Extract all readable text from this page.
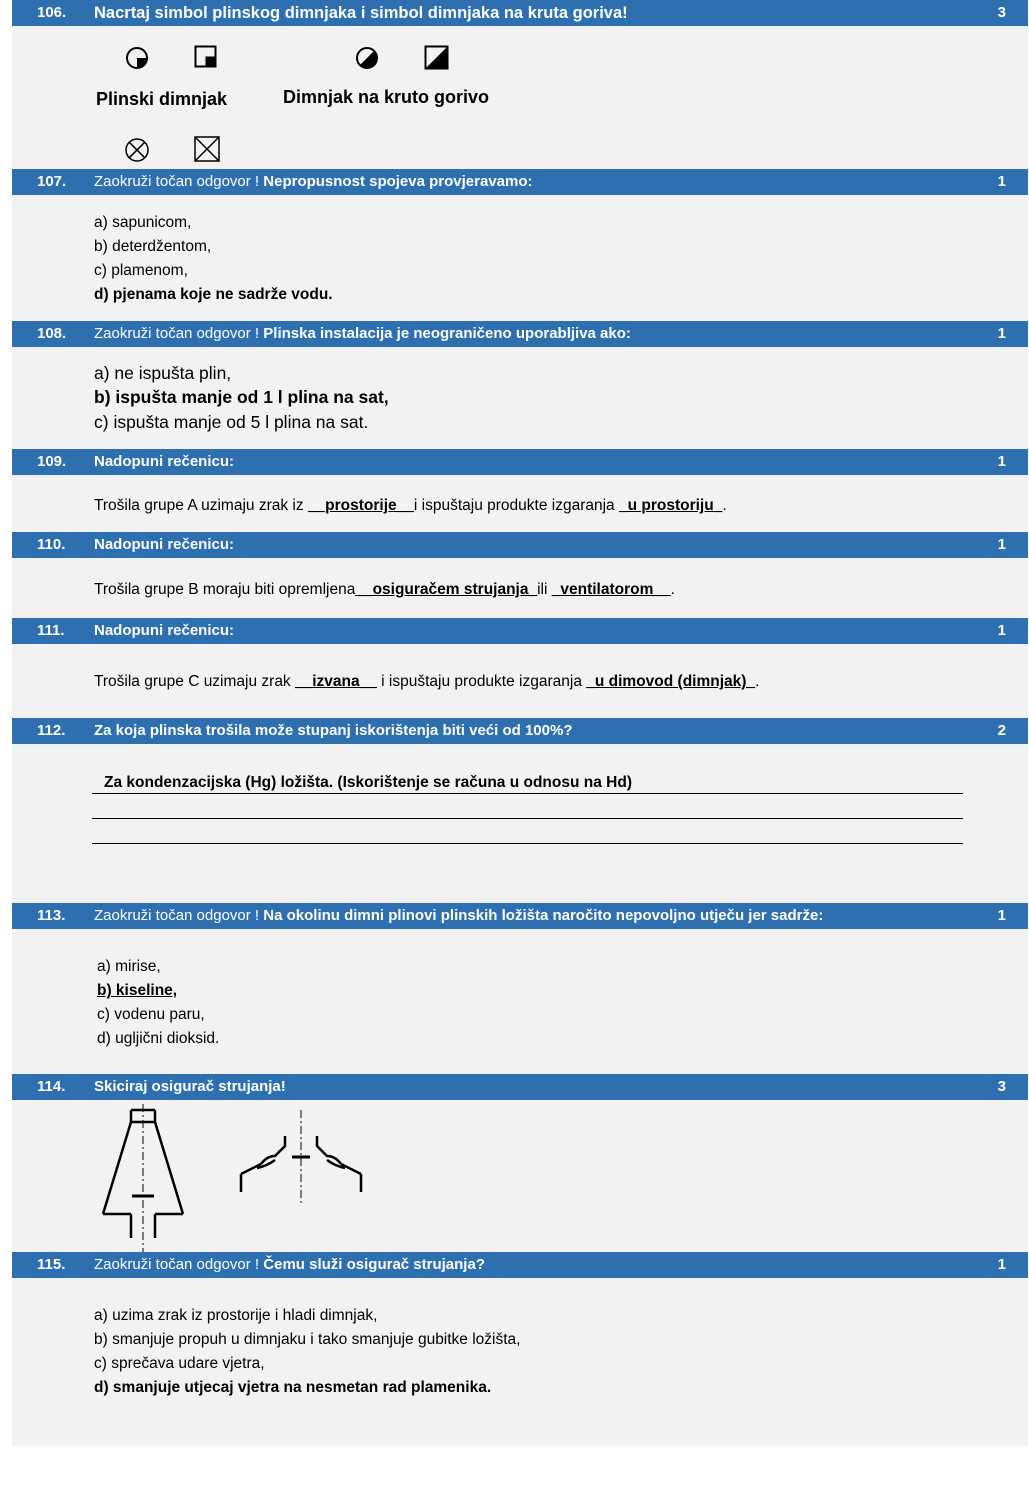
106. Nacrtaj simbol plinskog dimnjaka i simbol dimnjaka na kruta goriva!	3
Plinski dimnjak	Dimnjak na kruto gorivo
107. Zaokruži točan odgovor ! Nepropusnost spojeva provjeravamo:	1
a) sapunicom,
b) deterdžentom,
c) plamenom,
d) pjenama koje ne sadrže vodu.
108. Zaokruži točan odgovor ! Plinska instalacija je neograničeno uporabljiva ako:	1
a) ne ispušta plin,
b) ispušta manje od 1 l plina na sat,
c) ispušta manje od 5 l plina na sat.
109. Nadopuni rečenicu:	1
Trošila grupe A uzimaju zrak iz __prostorije__i ispuštaju produkte izgaranja _u prostoriju_.
110. Nadopuni rečenicu:	1
Trošila grupe B moraju biti opremljena__osiguračem strujanja_ili _ventilatorom__.
111. Nadopuni rečenicu:	1
Trošila grupe C uzimaju zrak __izvana__ i ispuštaju produkte izgaranja _u dimovod (dimnjak)_.
112. Za koja plinska trošila može stupanj iskorištenja biti veći od 100%?	2
Za kondenzacijska (Hg) ložišta. (Iskorištenje se računa u odnosu na Hd)
113. Zaokruži točan odgovor ! Na okolinu dimni plinovi plinskih ložišta naročito nepovoljno utječu jer sadrže:	1
a) mirise,
b) kiseline,
c) vodenu paru,
d) ugljični dioksid.
114. Skiciraj osigurač strujanja!	3
115. Zaokruži točan odgovor ! Čemu služi osigurač strujanja?	1
a) uzima zrak iz prostorije i hladi dimnjak,
b) smanjuje propuh u dimnjaku i tako smanjuje gubitke ložišta,
c) sprečava udare vjetra,
d) smanjuje utjecaj vjetra na nesmetan rad plamenika.
